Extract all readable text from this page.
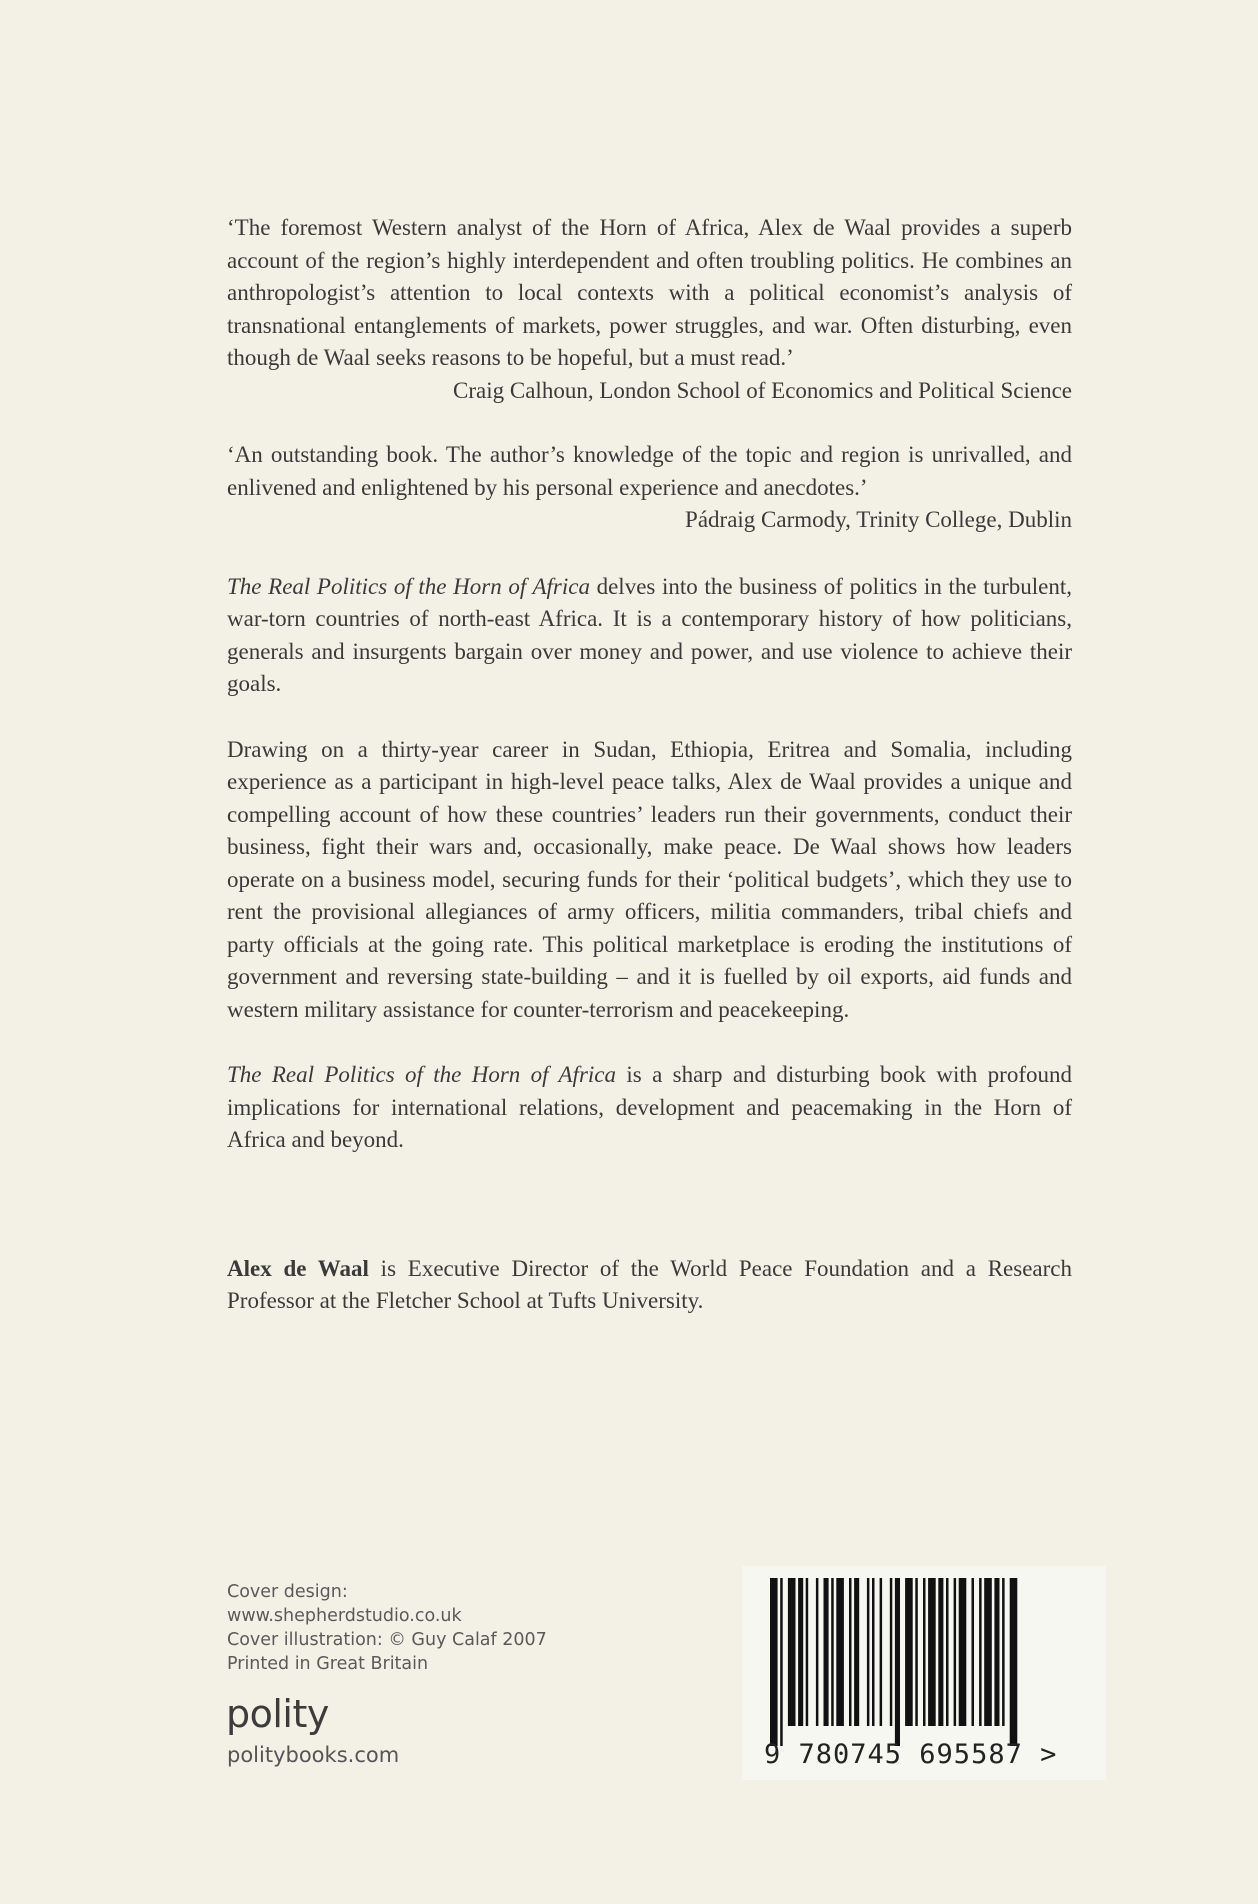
‘The foremost Western analyst of the Horn of Africa, Alex de Waal provides a superb account of the region’s highly interdependent and often troubling politics. He combines an anthropologist’s attention to local contexts with a political economist’s analysis of transnational entanglements of markets, power struggles, and war. Often disturbing, even though de Waal seeks reasons to be hopeful, but a must read.’

Craig Calhoun, London School of Economics and Political Science

‘An outstanding book. The author’s knowledge of the topic and region is unrivalled, and enlivened and enlightened by his personal experience and anecdotes.’

Pádraig Carmody, Trinity College, Dublin

The Real Politics of the Horn of Africa delves into the business of politics in the turbulent, war-torn countries of north-east Africa. It is a contemporary history of how politicians, generals and insurgents bargain over money and power, and use violence to achieve their goals.

Drawing on a thirty-year career in Sudan, Ethiopia, Eritrea and Somalia, including experience as a participant in high-level peace talks, Alex de Waal provides a unique and compelling account of how these countries’ leaders run their governments, conduct their business, fight their wars and, occasionally, make peace. De Waal shows how leaders operate on a business model, securing funds for their ‘political budgets’, which they use to rent the provisional allegiances of army officers, militia commanders, tribal chiefs and party officials at the going rate. This political marketplace is eroding the institutions of government and reversing state-building – and it is fuelled by oil exports, aid funds and western military assistance for counter-terrorism and peacekeeping.

The Real Politics of the Horn of Africa is a sharp and disturbing book with profound implications for international relations, development and peacemaking in the Horn of Africa and beyond.

Alex de Waal is Executive Director of the World Peace Foundation and a Research Professor at the Fletcher School at Tufts University.

Cover design:
www.shepherdstudio.co.uk
Cover illustration: © Guy Calaf 2007
Printed in Great Britain
polity
politybooks.com	9 780745 695587 >
